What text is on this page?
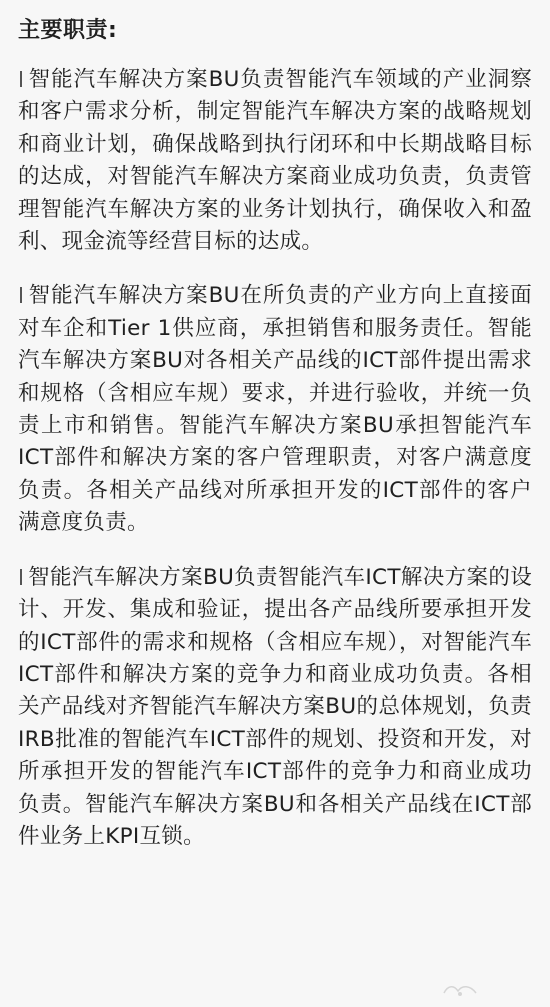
主要职责:
智能汽车解决方案BU负责智能汽车领域的产业洞察和客户需求分析，制定智能汽车解决方案的战略规划和商业计划，确保战略到执行闭环和中长期战略目标的达成，对智能汽车解决方案商业成功负责，负责管理智能汽车解决方案的业务计划执行，确保收入和盈利、现金流等经营目标的达成。
智能汽车解决方案BU在所负责的产业方向上直接面对车企和Tier 1供应商，承担销售和服务责任。智能汽车解决方案BU对各相关产品线的ICT部件提出需求和规格（含相应车规）要求，并进行验收，并统一负责上市和销售。智能汽车解决方案BU承担智能汽车ICT部件和解决方案的客户管理职责，对客户满意度负责。各相关产品线对所承担开发的ICT部件的客户满意度负责。
智能汽车解决方案BU负责智能汽车ICT解决方案的设计、开发、集成和验证，提出各产品线所要承担开发的ICT部件的需求和规格（含相应车规），对智能汽车ICT部件和解决方案的竞争力和商业成功负责。各相关产品线对齐智能汽车解决方案BU的总体规划，负责IRB批准的智能汽车ICT部件的规划、投资和开发，对所承担开发的智能汽车ICT部件的竞争力和商业成功负责。智能汽车解决方案BU和各相关产品线在ICT部件业务上KPI互锁。
